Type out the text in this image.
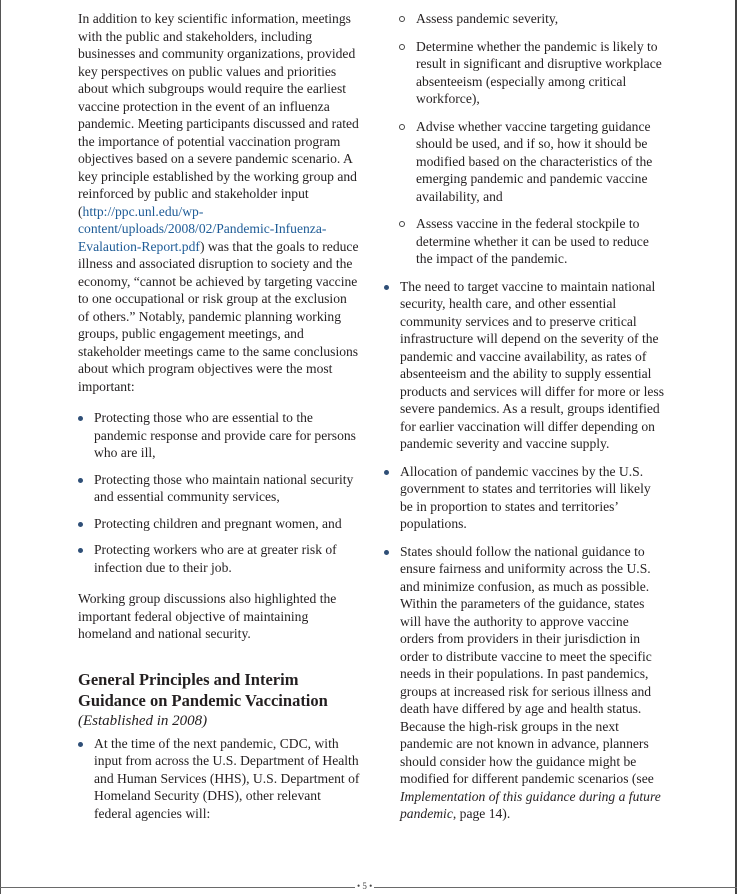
In addition to key scientific information, meetings with the public and stakeholders, including businesses and community organizations, provided key perspectives on public values and priorities about which subgroups would require the earliest vaccine protection in the event of an influenza pandemic. Meeting participants discussed and rated the importance of potential vaccination program objectives based on a severe pandemic scenario. A key principle established by the working group and reinforced by public and stakeholder input (http://ppc.unl.edu/wp-content/uploads/2008/02/Pandemic-Infuenza-Evalaution-Report.pdf) was that the goals to reduce illness and associated disruption to society and the economy, “cannot be achieved by targeting vaccine to one occupational or risk group at the exclusion of others.” Notably, pandemic planning working groups, public engagement meetings, and stakeholder meetings came to the same conclusions about which program objectives were the most important:

Protecting those who are essential to the pandemic response and provide care for persons who are ill,
Protecting those who maintain national security and essential community services,
Protecting children and pregnant women, and
Protecting workers who are at greater risk of infection due to their job.

Working group discussions also highlighted the important federal objective of maintaining homeland and national security.

General Principles and Interim Guidance on Pandemic Vaccination
(Established in 2008)
At the time of the next pandemic, CDC, with input from across the U.S. Department of Health and Human Services (HHS), U.S. Department of Homeland Security (DHS), other relevant federal agencies will:
Assess pandemic severity,
Determine whether the pandemic is likely to result in significant and disruptive workplace absenteeism (especially among critical workforce),
Advise whether vaccine targeting guidance should be used, and if so, how it should be modified based on the characteristics of the emerging pandemic and pandemic vaccine availability, and
Assess vaccine in the federal stockpile to determine whether it can be used to reduce the impact of the pandemic.
The need to target vaccine to maintain national security, health care, and other essential community services and to preserve critical infrastructure will depend on the severity of the pandemic and vaccine availability, as rates of absenteeism and the ability to supply essential products and services will differ for more or less severe pandemics. As a result, groups identified for earlier vaccination will differ depending on pandemic severity and vaccine supply.
Allocation of pandemic vaccines by the U.S. government to states and territories will likely be in proportion to states and territories’ populations.
States should follow the national guidance to ensure fairness and uniformity across the U.S. and minimize confusion, as much as possible. Within the parameters of the guidance, states will have the authority to approve vaccine orders from providers in their jurisdiction in order to distribute vaccine to meet the specific needs in their populations. In past pandemics, groups at increased risk for serious illness and death have differed by age and health status. Because the high-risk groups in the next pandemic are not known in advance, planners should consider how the guidance might be modified for different pandemic scenarios (see Implementation of this guidance during a future pandemic, page 14).
• 5 •
